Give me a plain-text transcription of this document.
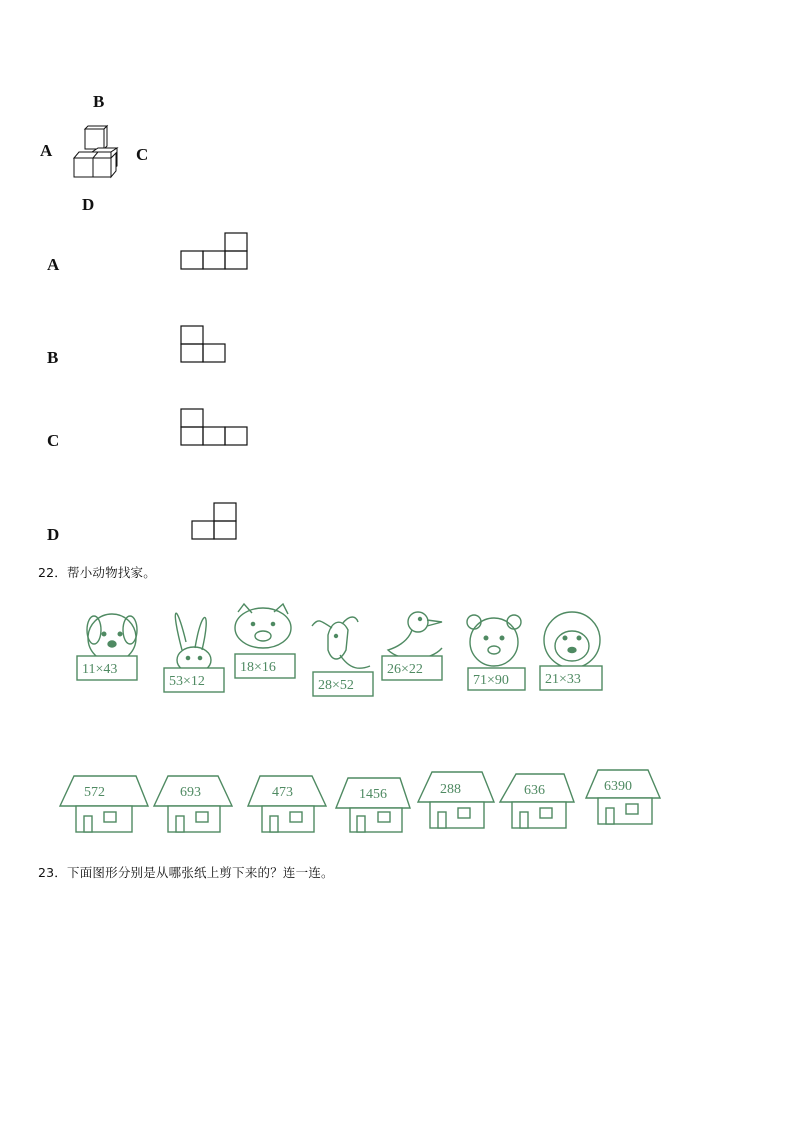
B
A	C
D
A
B
C
D
22．帮小动物找家。
11×43
53×12
18×16
28×52
26×22
71×90	21×33
572	693	473	1456	288	636	6390
23．下面图形分别是从哪张纸上剪下来的？连一连。
